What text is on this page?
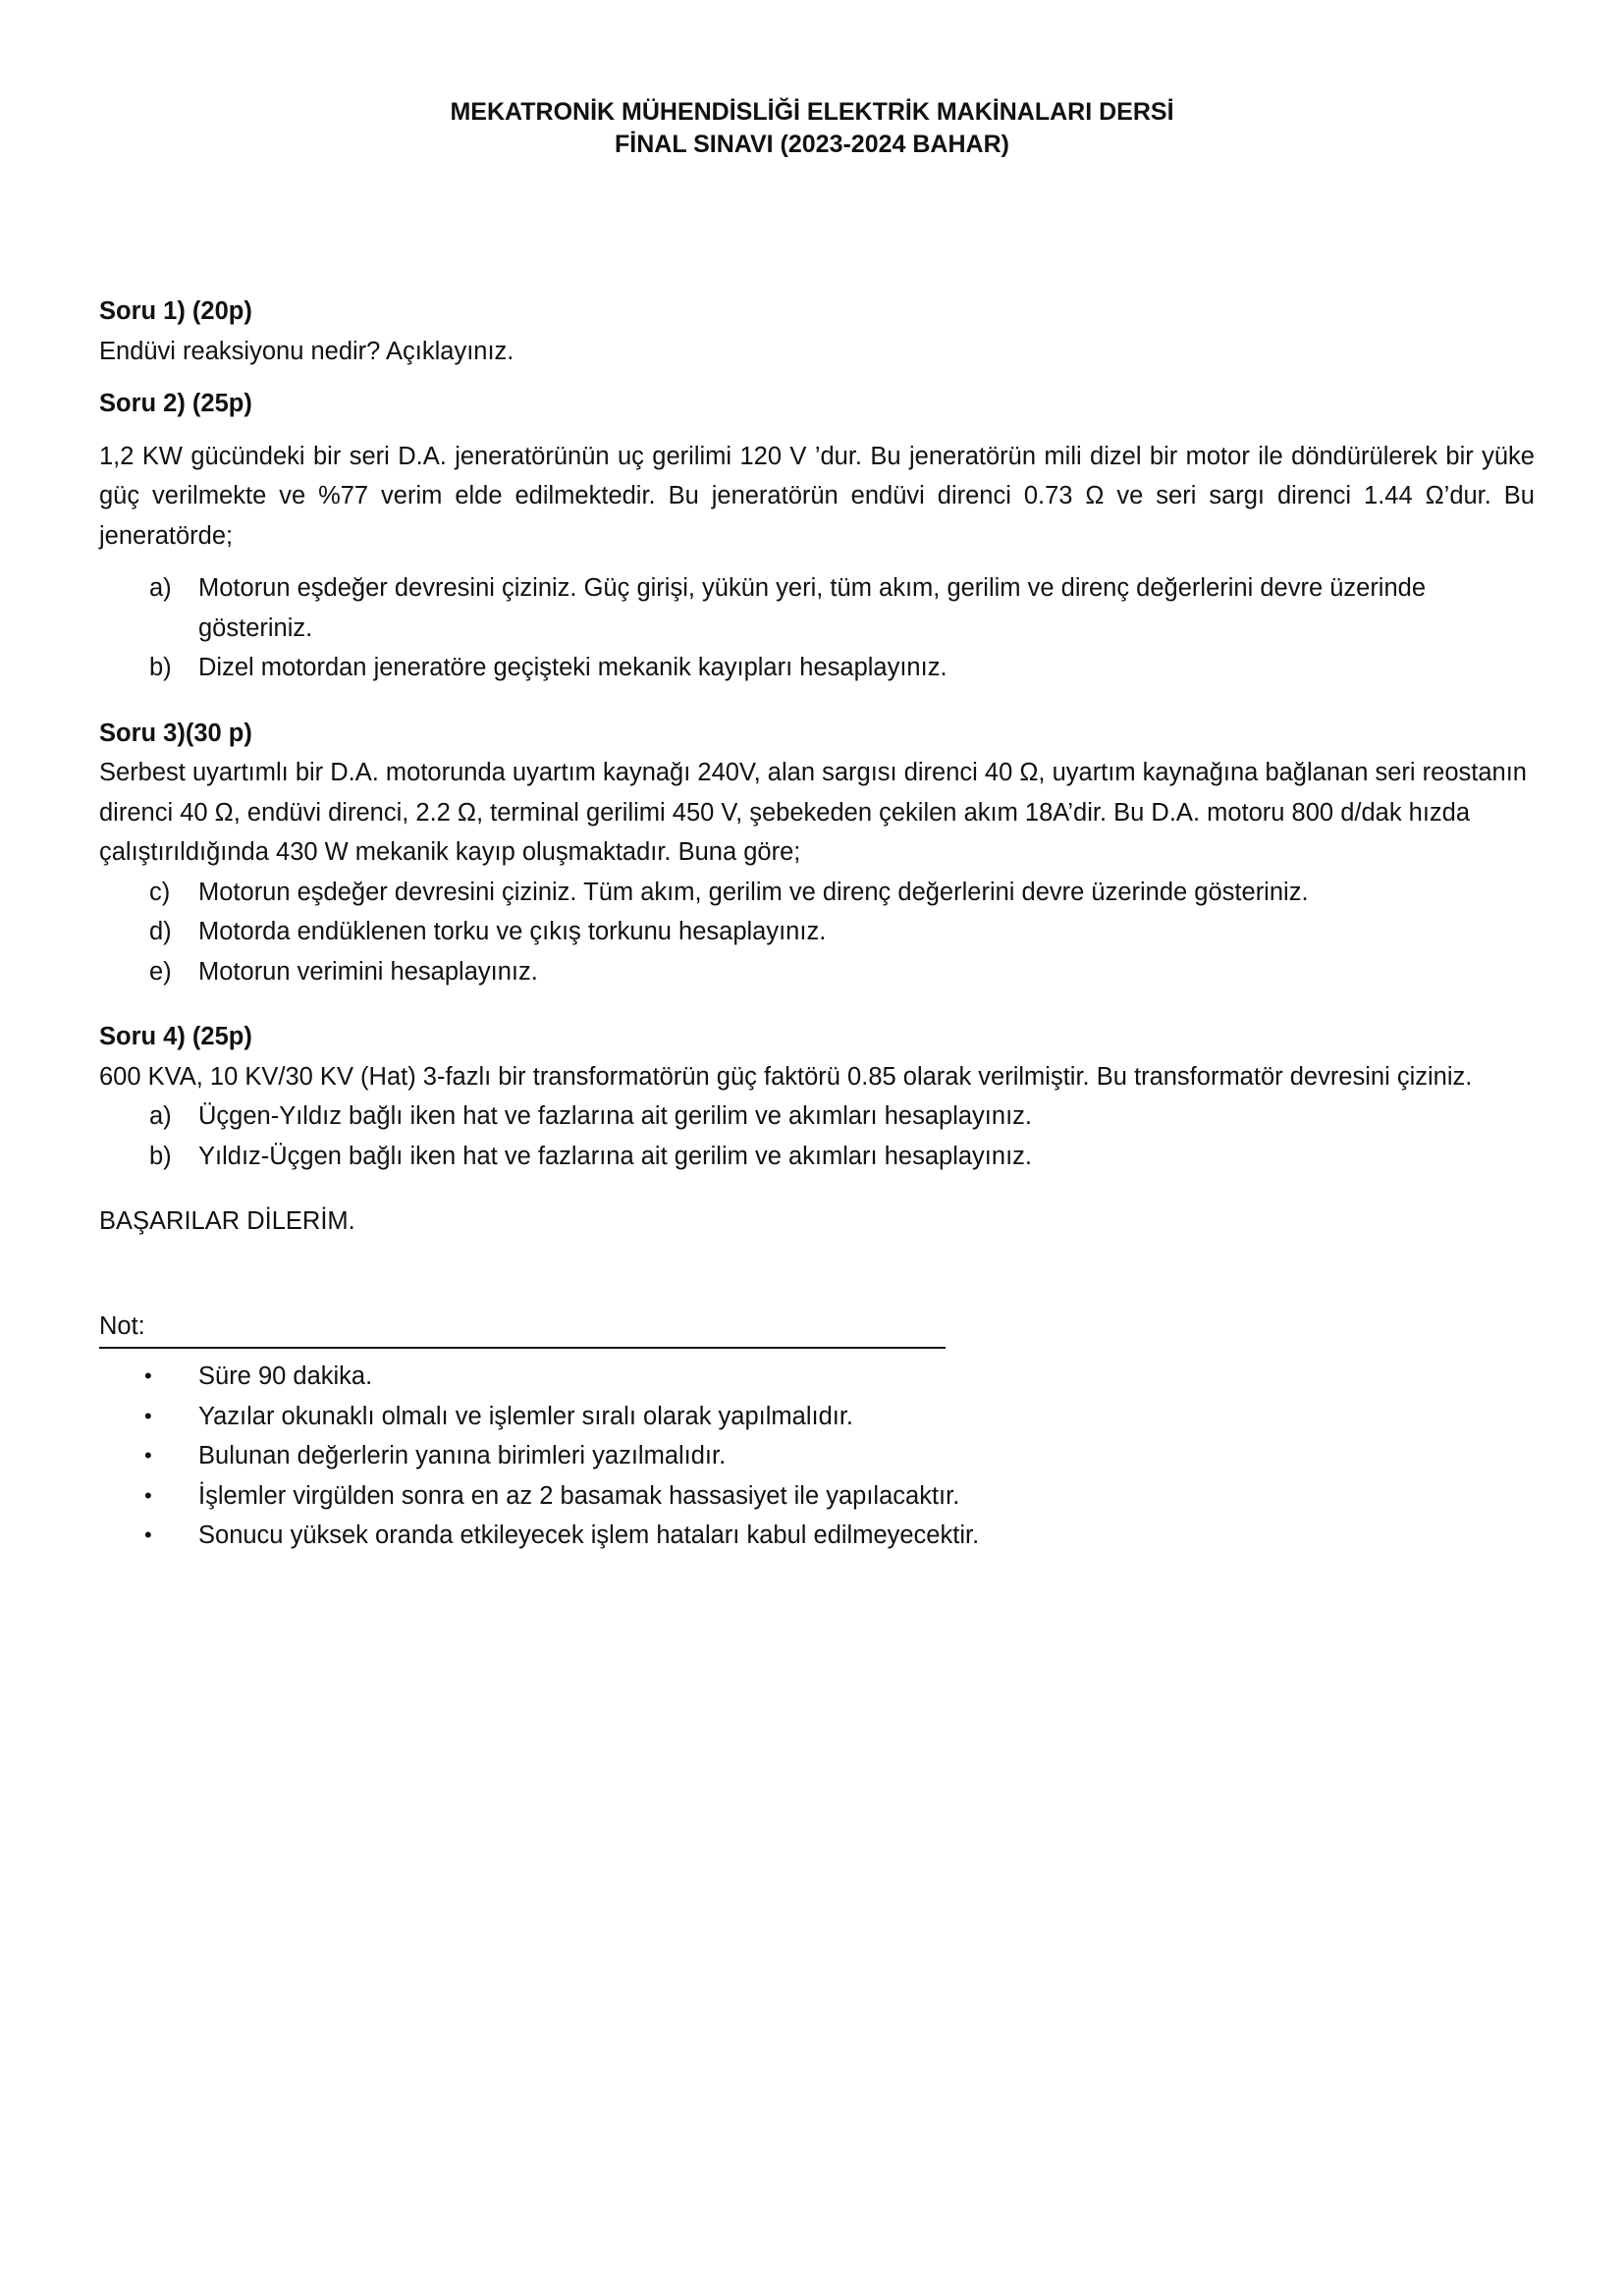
MEKATRONİK MÜHENDİSLİĞİ ELEKTRİK MAKİNALARI DERSİ
FİNAL SINAVI (2023-2024 BAHAR)

Soru 1) (20p)

Endüvi reaksiyonu nedir? Açıklayınız.

Soru 2) (25p)

1,2 KW gücündeki bir seri D.A. jeneratörünün uç gerilimi 120 V ’dur. Bu jeneratörün mili dizel bir motor ile döndürülerek bir yüke güç verilmekte ve %77 verim elde edilmektedir. Bu jeneratörün endüvi direnci 0.73 Ω ve seri sargı direnci 1.44 Ω’dur. Bu jeneratörde;

a)	Motorun eşdeğer devresini çiziniz. Güç girişi, yükün yeri, tüm akım, gerilim ve direnç değerlerini devre üzerinde gösteriniz.
b)	Dizel motordan jeneratöre geçişteki mekanik kayıpları hesaplayınız.

Soru 3)(30 p)

Serbest uyartımlı bir D.A. motorunda uyartım kaynağı 240V, alan sargısı direnci 40 Ω, uyartım kaynağına bağlanan seri reostanın direnci 40 Ω, endüvi direnci, 2.2 Ω, terminal gerilimi 450 V, şebekeden çekilen akım 18A’dir. Bu D.A. motoru 800 d/dak hızda çalıştırıldığında 430 W mekanik kayıp oluşmaktadır. Buna göre;

c)	Motorun eşdeğer devresini çiziniz. Tüm akım, gerilim ve direnç değerlerini devre üzerinde gösteriniz.
d)	Motorda endüklenen torku ve çıkış torkunu hesaplayınız.
e)	Motorun verimini hesaplayınız.

Soru 4) (25p)

600 KVA, 10 KV/30 KV (Hat) 3-fazlı bir transformatörün güç faktörü 0.85 olarak verilmiştir. Bu transformatör devresini çiziniz.

a)	Üçgen-Yıldız bağlı iken hat ve fazlarına ait gerilim ve akımları hesaplayınız.
b)	Yıldız-Üçgen bağlı iken hat ve fazlarına ait gerilim ve akımları hesaplayınız.

BAŞARILAR DİLERİM.

Not:

•	Süre 90 dakika.
•	Yazılar okunaklı olmalı ve işlemler sıralı olarak yapılmalıdır.
•	Bulunan değerlerin yanına birimleri yazılmalıdır.
•	İşlemler virgülden sonra en az 2 basamak hassasiyet ile yapılacaktır.
•	Sonucu yüksek oranda etkileyecek işlem hataları kabul edilmeyecektir.
